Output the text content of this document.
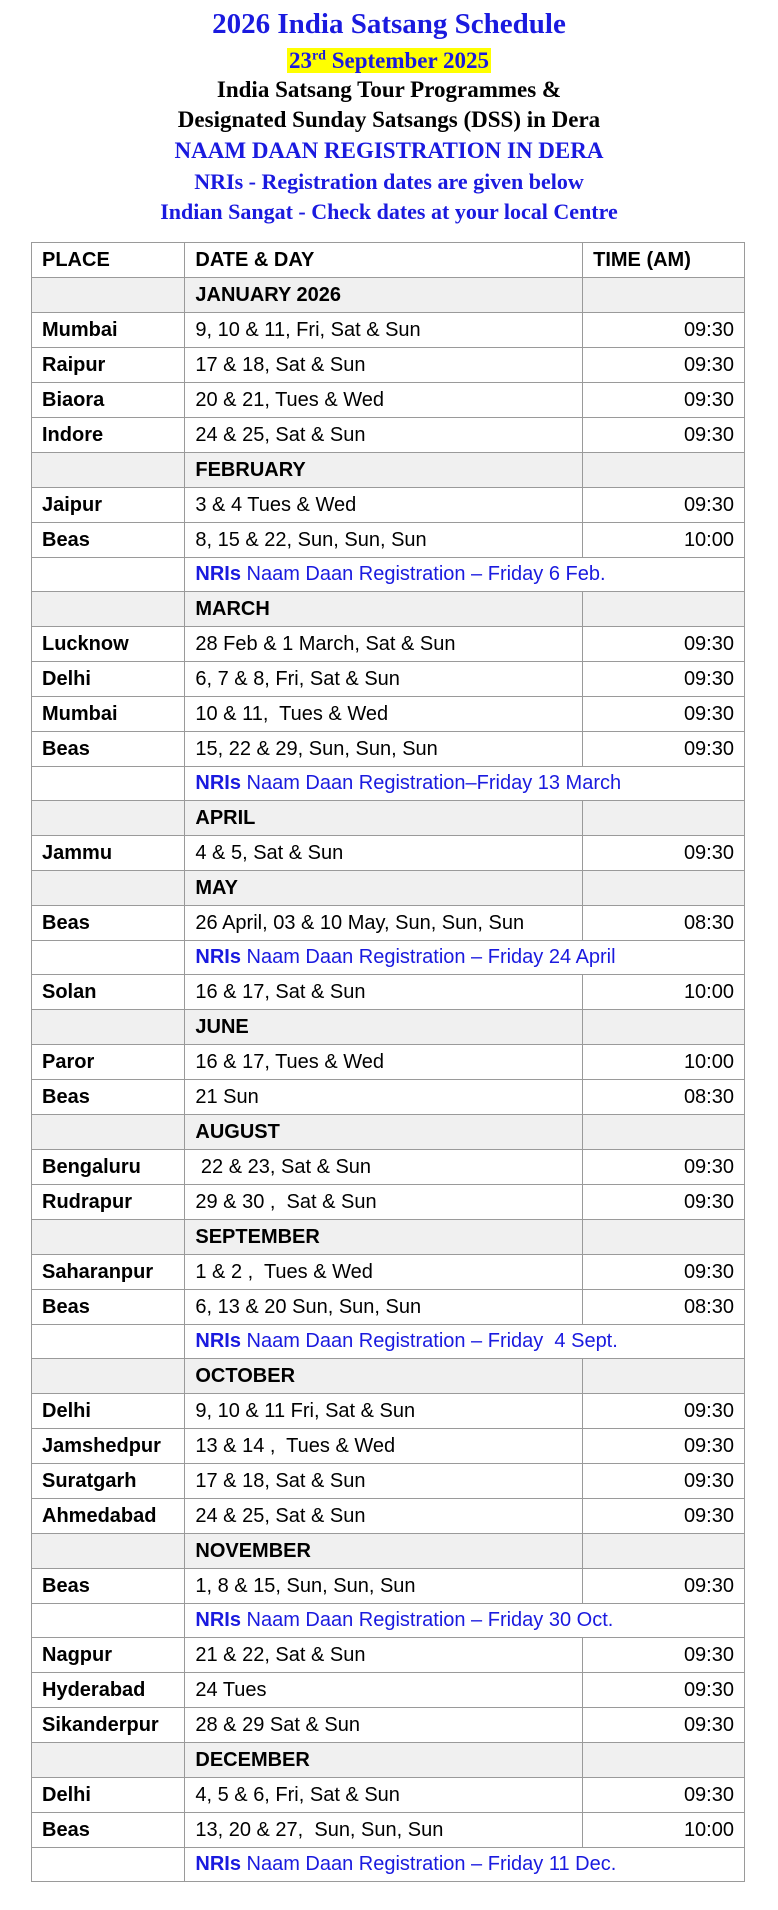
2026 India Satsang Schedule
23rd September 2025
India Satsang Tour Programmes &
Designated Sunday Satsangs (DSS) in Dera
NAAM DAAN REGISTRATION IN DERA
NRIs - Registration dates are given below
Indian Sangat - Check dates at your local Centre
PLACE	DATE & DAY	TIME (AM)
	JANUARY 2026	
Mumbai	9, 10 & 11, Fri, Sat & Sun	09:30
Raipur	17 & 18, Sat & Sun	09:30
Biaora	20 & 21, Tues & Wed	09:30
Indore	24 & 25, Sat & Sun	09:30
	FEBRUARY	
Jaipur	3 & 4 Tues & Wed	09:30
Beas	8, 15 & 22, Sun, Sun, Sun	10:00
	NRIs Naam Daan Registration – Friday 6 Feb.	
	MARCH	
Lucknow	28 Feb & 1 March, Sat & Sun	09:30
Delhi	6, 7 & 8, Fri, Sat & Sun	09:30
Mumbai	10 & 11,  Tues & Wed	09:30
Beas	15, 22 & 29, Sun, Sun, Sun	09:30
	NRIs Naam Daan Registration–Friday 13 March	
	APRIL	
Jammu	4 & 5, Sat & Sun	09:30
	MAY	
Beas	26 April, 03 & 10 May, Sun, Sun, Sun	08:30
	NRIs Naam Daan Registration – Friday 24 April	
Solan	16 & 17, Sat & Sun	10:00
	JUNE	
Paror	16 & 17, Tues & Wed	10:00
Beas	21 Sun	08:30
	AUGUST	
Bengaluru	22 & 23, Sat & Sun	09:30
Rudrapur	29 & 30 ,  Sat & Sun	09:30
	SEPTEMBER	
Saharanpur	1 & 2 ,  Tues & Wed	09:30
Beas	6, 13 & 20 Sun, Sun, Sun	08:30
	NRIs Naam Daan Registration – Friday  4 Sept.	
	OCTOBER	
Delhi	9, 10 & 11 Fri, Sat & Sun	09:30
Jamshedpur	13 & 14 ,  Tues & Wed	09:30
Suratgarh	17 & 18, Sat & Sun	09:30
Ahmedabad	24 & 25, Sat & Sun	09:30
	NOVEMBER	
Beas	1, 8 & 15, Sun, Sun, Sun	09:30
	NRIs Naam Daan Registration – Friday 30 Oct.	
Nagpur	21 & 22, Sat & Sun	09:30
Hyderabad	24 Tues	09:30
Sikanderpur	28 & 29 Sat & Sun	09:30
	DECEMBER	
Delhi	4, 5 & 6, Fri, Sat & Sun	09:30
Beas	13, 20 & 27,  Sun, Sun, Sun	10:00
	NRIs Naam Daan Registration – Friday 11 Dec.	
